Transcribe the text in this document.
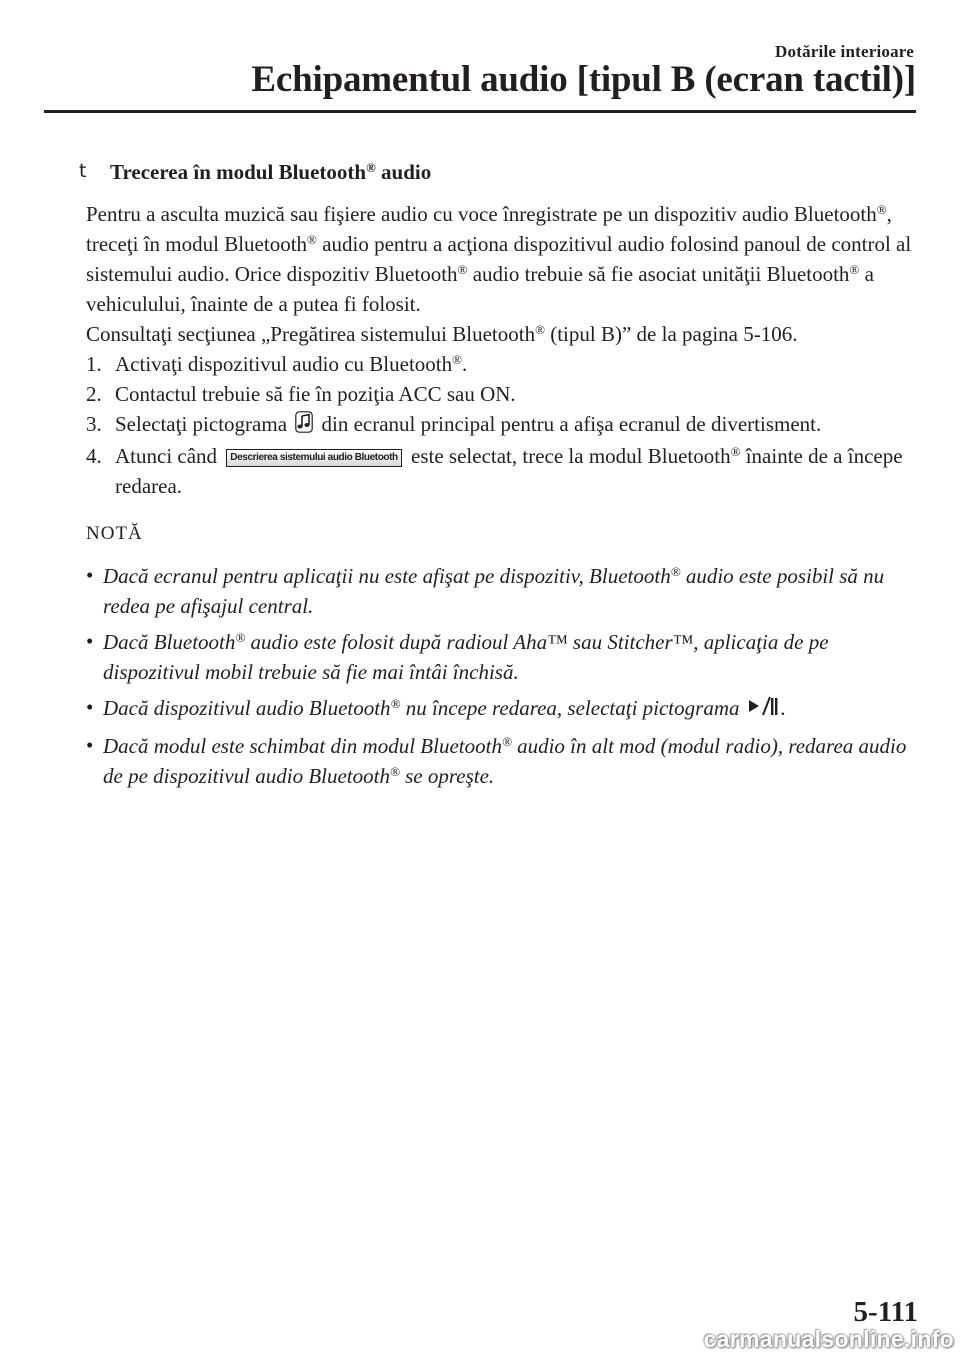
Dotările interioare
Echipamentul audio [tipul B (ecran tactil)]
t Trecerea în modul Bluetooth® audio

Pentru a asculta muzică sau fişiere audio cu voce înregistrate pe un dispozitiv audio Bluetooth®, treceţi în modul Bluetooth® audio pentru a acţiona dispozitivul audio folosind panoul de control al sistemului audio. Orice dispozitiv Bluetooth® audio trebuie să fie asociat unităţii Bluetooth® a vehiculului, înainte de a putea fi folosit.

Consultaţi secţiunea „Pregătirea sistemului Bluetooth® (tipul B)” de la pagina 5-106.

1. Activaţi dispozitivul audio cu Bluetooth®.
2. Contactul trebuie să fie în poziţia ACC sau ON.
3. Selectaţi pictograma din ecranul principal pentru a afişa ecranul de divertisment.
4. Atunci când Descrierea sistemului audio Bluetooth este selectat, trece la modul Bluetooth® înainte de a începe redarea.
NOTĂ
• Dacă ecranul pentru aplicaţii nu este afişat pe dispozitiv, Bluetooth® audio este posibil să nu redea pe afişajul central.
• Dacă Bluetooth® audio este folosit după radioul Aha™ sau Stitcher™, aplicaţia de pe dispozitivul mobil trebuie să fie mai întâi închisă.
• Dacă dispozitivul audio Bluetooth® nu începe redarea, selectaţi pictograma .
• Dacă modul este schimbat din modul Bluetooth® audio în alt mod (modul radio), redarea audio de pe dispozitivul audio Bluetooth® se opreşte.
5-111
carmanualsonline.info
